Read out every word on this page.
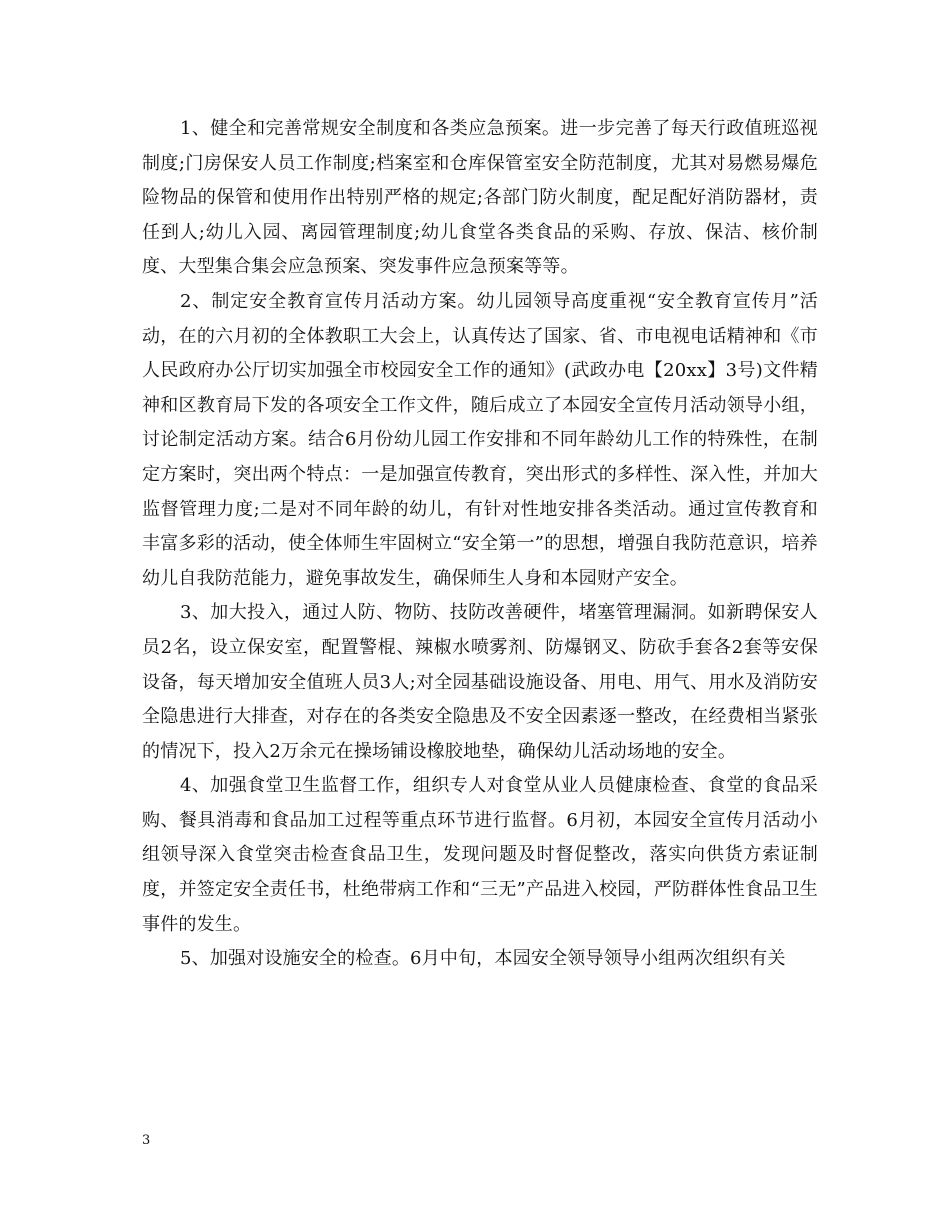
1、健全和完善常规安全制度和各类应急预案。进一步完善了每天行政值班巡视制度;门房保安人员工作制度;档案室和仓库保管室安全防范制度，尤其对易燃易爆危险物品的保管和使用作出特别严格的规定;各部门防火制度，配足配好消防器材，责任到人;幼儿入园、离园管理制度;幼儿食堂各类食品的采购、存放、保洁、核价制度、大型集合集会应急预案、突发事件应急预案等等。

2、制定安全教育宣传月活动方案。幼儿园领导高度重视“安全教育宣传月”活动，在的六月初的全体教职工大会上，认真传达了国家、省、市电视电话精神和《市人民政府办公厅切实加强全市校园安全工作的通知》(武政办电【20xx】3号)文件精神和区教育局下发的各项安全工作文件，随后成立了本园安全宣传月活动领导小组，讨论制定活动方案。结合6月份幼儿园工作安排和不同年龄幼儿工作的特殊性，在制定方案时，突出两个特点：一是加强宣传教育，突出形式的多样性、深入性，并加大监督管理力度;二是对不同年龄的幼儿，有针对性地安排各类活动。通过宣传教育和丰富多彩的活动，使全体师生牢固树立“安全第一”的思想，增强自我防范意识，培养幼儿自我防范能力，避免事故发生，确保师生人身和本园财产安全。

3、加大投入，通过人防、物防、技防改善硬件，堵塞管理漏洞。如新聘保安人员2名，设立保安室，配置警棍、辣椒水喷雾剂、防爆钢叉、防砍手套各2套等安保设备，每天增加安全值班人员3人;对全园基础设施设备、用电、用气、用水及消防安全隐患进行大排查，对存在的各类安全隐患及不安全因素逐一整改，在经费相当紧张的情况下，投入2万余元在操场铺设橡胶地垫，确保幼儿活动场地的安全。

4、加强食堂卫生监督工作，组织专人对食堂从业人员健康检查、食堂的食品采购、餐具消毒和食品加工过程等重点环节进行监督。6月初，本园安全宣传月活动小组领导深入食堂突击检查食品卫生，发现问题及时督促整改，落实向供货方索证制度，并签定安全责任书，杜绝带病工作和“三无”产品进入校园，严防群体性食品卫生事件的发生。

5、加强对设施安全的检查。6月中旬，本园安全领导领导小组两次组织有关

3
